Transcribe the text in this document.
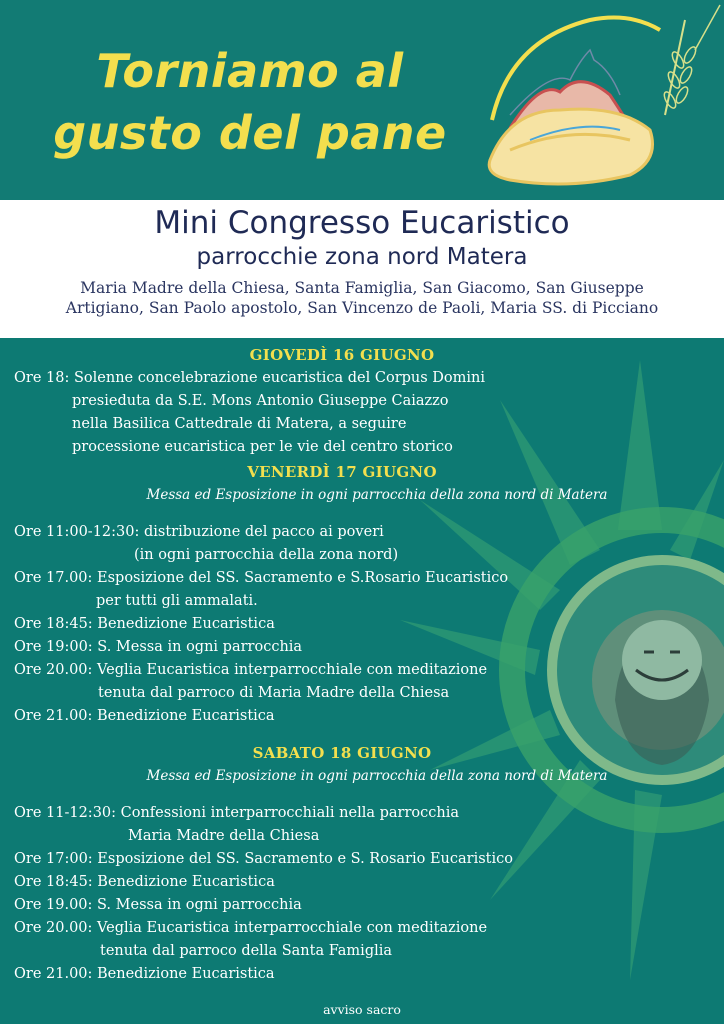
Torniamo al
gusto del pane
Mini Congresso Eucaristico
parrocchie zona nord Matera
Maria Madre della Chiesa, Santa Famiglia, San Giacomo, San Giuseppe
Artigiano, San Paolo apostolo, San Vincenzo de Paoli, Maria SS. di Picciano
GIOVEDÌ 16 GIUGNO
Ore 18: Solenne concelebrazione eucaristica del Corpus Domini
presieduta da S.E. Mons Antonio Giuseppe Caiazzo
nella Basilica Cattedrale di Matera, a seguire
processione eucaristica per le vie del centro storico
VENERDÌ 17 GIUGNO
Messa ed Esposizione in ogni parrocchia della zona nord di Matera
Ore 11:00-12:30: distribuzione del pacco ai poveri
(in ogni parrocchia della zona nord)
Ore 17.00: Esposizione del SS. Sacramento e S.Rosario Eucaristico
per tutti gli ammalati.
Ore 18:45: Benedizione Eucaristica
Ore 19:00: S. Messa in ogni parrocchia
Ore 20.00: Veglia Eucaristica interparrocchiale con meditazione
tenuta dal parroco di Maria Madre della Chiesa
Ore 21.00: Benedizione Eucaristica
SABATO 18 GIUGNO
Messa ed Esposizione in ogni parrocchia della zona nord di Matera
Ore 11-12:30: Confessioni interparrocchiali nella parrocchia
Maria Madre della Chiesa
Ore 17:00: Esposizione del SS. Sacramento e S. Rosario Eucaristico
Ore 18:45: Benedizione Eucaristica
Ore 19.00: S. Messa in ogni parrocchia
Ore 20.00: Veglia Eucaristica interparrocchiale con meditazione
tenuta dal parroco della Santa Famiglia
Ore 21.00: Benedizione Eucaristica
avviso sacro
